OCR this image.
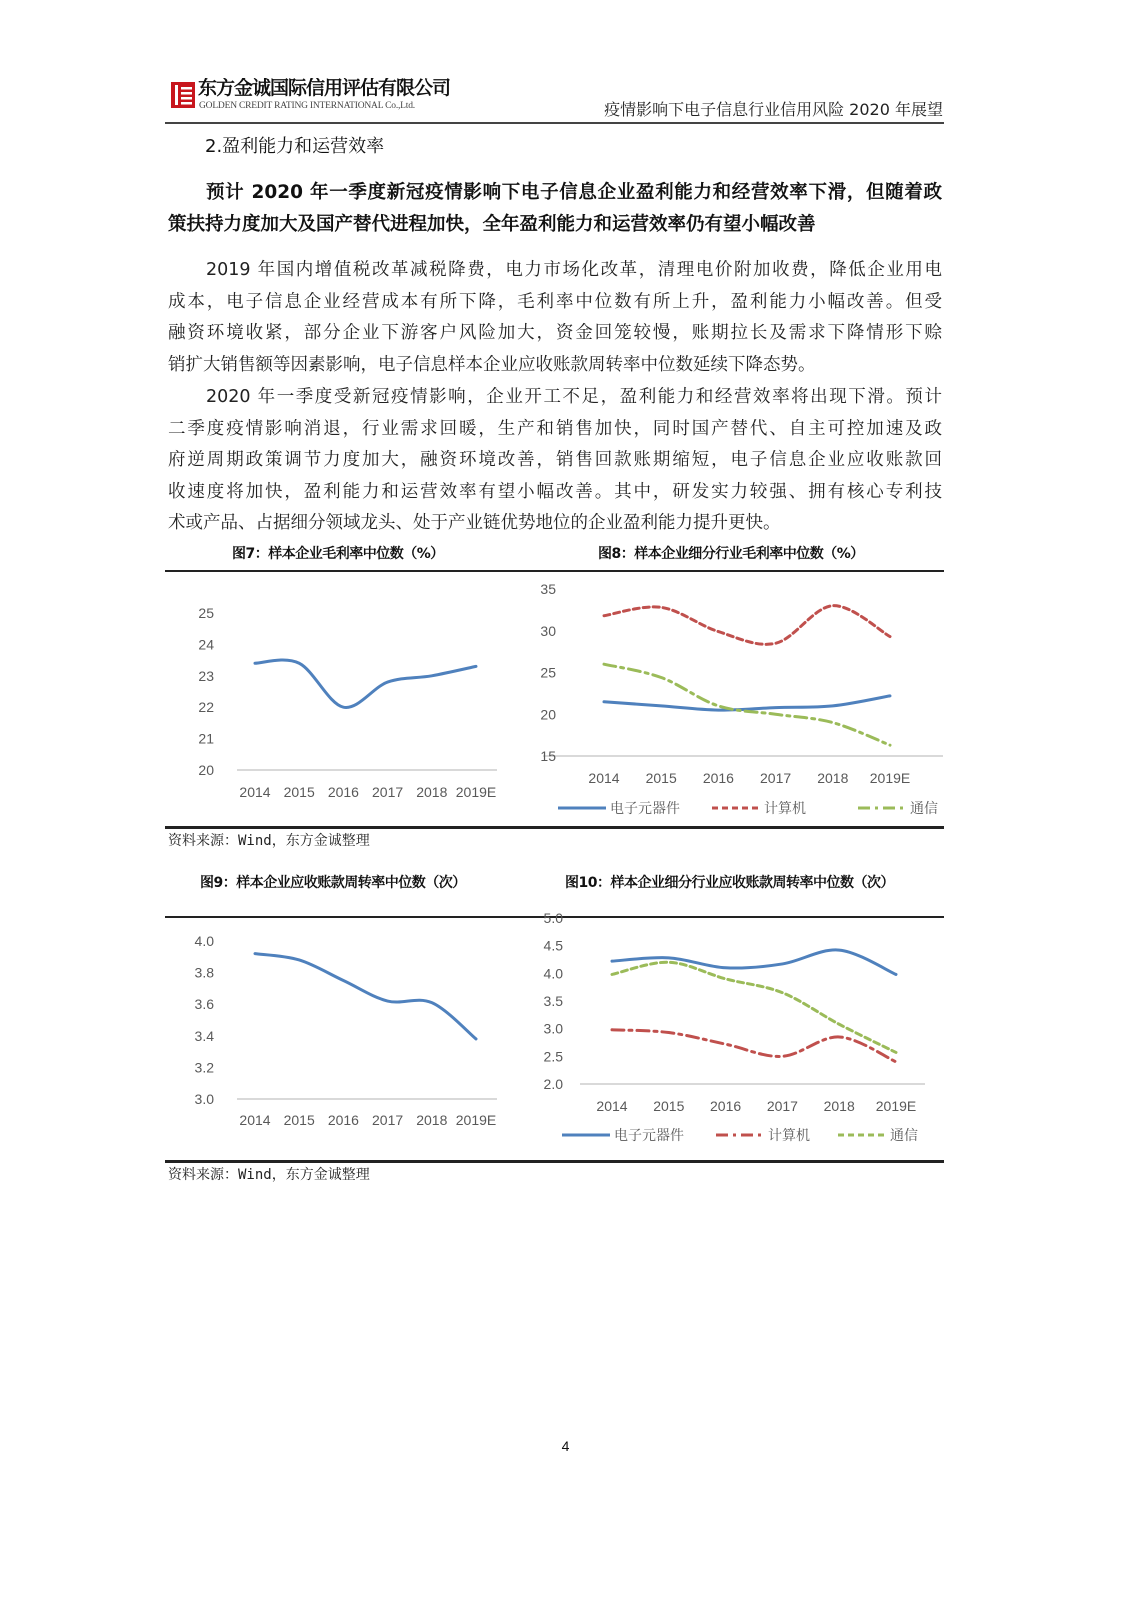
东方金诚国际信用评估有限公司
GOLDEN CREDIT RATING INTERNATIONAL Co.,Ltd.	疫情影响下电子信息行业信用风险 2020 年展望
2.盈利能力和运营效率
预计 2020 年一季度新冠疫情影响下电子信息企业盈利能力和经营效率下滑，但随着政
策扶持力度加大及国产替代进程加快，全年盈利能力和运营效率仍有望小幅改善
2019 年国内增值税改革减税降费，电力市场化改革，清理电价附加收费，降低企业用电
成本，电子信息企业经营成本有所下降，毛利率中位数有所上升，盈利能力小幅改善。但受
融资环境收紧，部分企业下游客户风险加大，资金回笼较慢，账期拉长及需求下降情形下赊
销扩大销售额等因素影响，电子信息样本企业应收账款周转率中位数延续下降态势。
2020 年一季度受新冠疫情影响，企业开工不足，盈利能力和经营效率将出现下滑。预计
二季度疫情影响消退，行业需求回暖，生产和销售加快，同时国产替代、自主可控加速及政
府逆周期政策调节力度加大，融资环境改善，销售回款账期缩短，电子信息企业应收账款回
收速度将加快，盈利能力和运营效率有望小幅改善。其中，研发实力较强、拥有核心专利技
术或产品、占据细分领域龙头、处于产业链优势地位的企业盈利能力提升更快。
图7：样本企业毛利率中位数（%）	图8：样本企业细分行业毛利率中位数（%）
资料来源：Wind，东方金诚整理
图9：样本企业应收账款周转率中位数（次）	图10：样本企业细分行业应收账款周转率中位数（次）
资料来源：Wind，东方金诚整理
20
21
22
23
24
25
2014 2015 2016 2017 2018 2019E
15
20
25
30
35
2014 2015 2016 2017 2018 2019E
电子元器件	计算机	通信
3.0
3.2
3.4
3.6
3.8
4.0
2014 2015 2016 2017 2018 2019E
2.0
2.5
3.0
3.5
4.0
4.5
5.0
2014 2015 2016 2017 2018 2019E
电子元器件	计算机	通信
4
